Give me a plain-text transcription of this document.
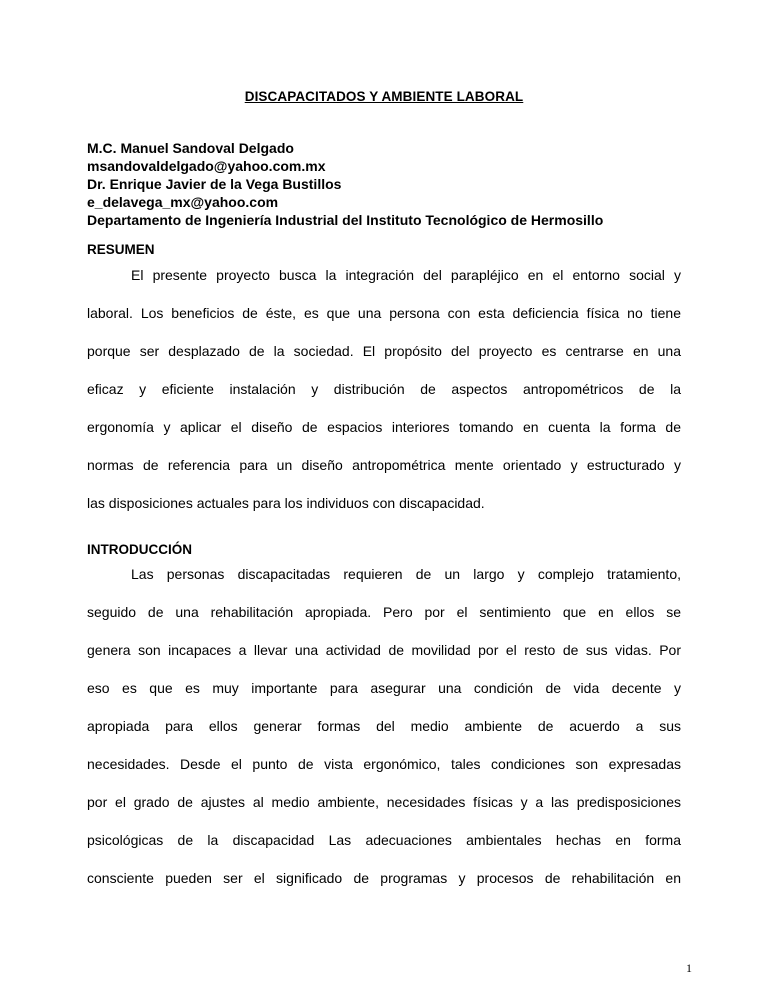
DISCAPACITADOS Y AMBIENTE LABORAL
M.C. Manuel Sandoval Delgado
msandovaldelgado@yahoo.com.mx
Dr. Enrique Javier de la Vega Bustillos
e_delavega_mx@yahoo.com
Departamento de Ingeniería Industrial del Instituto Tecnológico de Hermosillo
RESUMEN
El presente proyecto busca la integración del parapléjico en el entorno social y
laboral. Los beneficios de éste, es que una persona con esta deficiencia física no tiene
porque ser desplazado de la sociedad. El propósito del proyecto es centrarse en una
eficaz y eficiente instalación y distribución de aspectos antropométricos de la
ergonomía y aplicar el diseño de espacios interiores tomando en cuenta la forma de
normas de referencia para un diseño antropométrica mente orientado y estructurado y
las disposiciones actuales para los individuos con discapacidad.
INTRODUCCIÓN
Las personas discapacitadas requieren de un largo y complejo tratamiento,
seguido de una rehabilitación apropiada. Pero por el sentimiento que en ellos se
genera son incapaces a llevar una actividad de movilidad por el resto de sus vidas. Por
eso es que es muy importante para asegurar una condición de vida decente y
apropiada para ellos generar formas del medio ambiente de acuerdo a sus
necesidades. Desde el punto de vista ergonómico, tales condiciones son expresadas
por el grado de ajustes al medio ambiente, necesidades físicas y a las predisposiciones
psicológicas de la discapacidad Las adecuaciones ambientales hechas en forma
consciente pueden ser el significado de programas y procesos de rehabilitación en
1
